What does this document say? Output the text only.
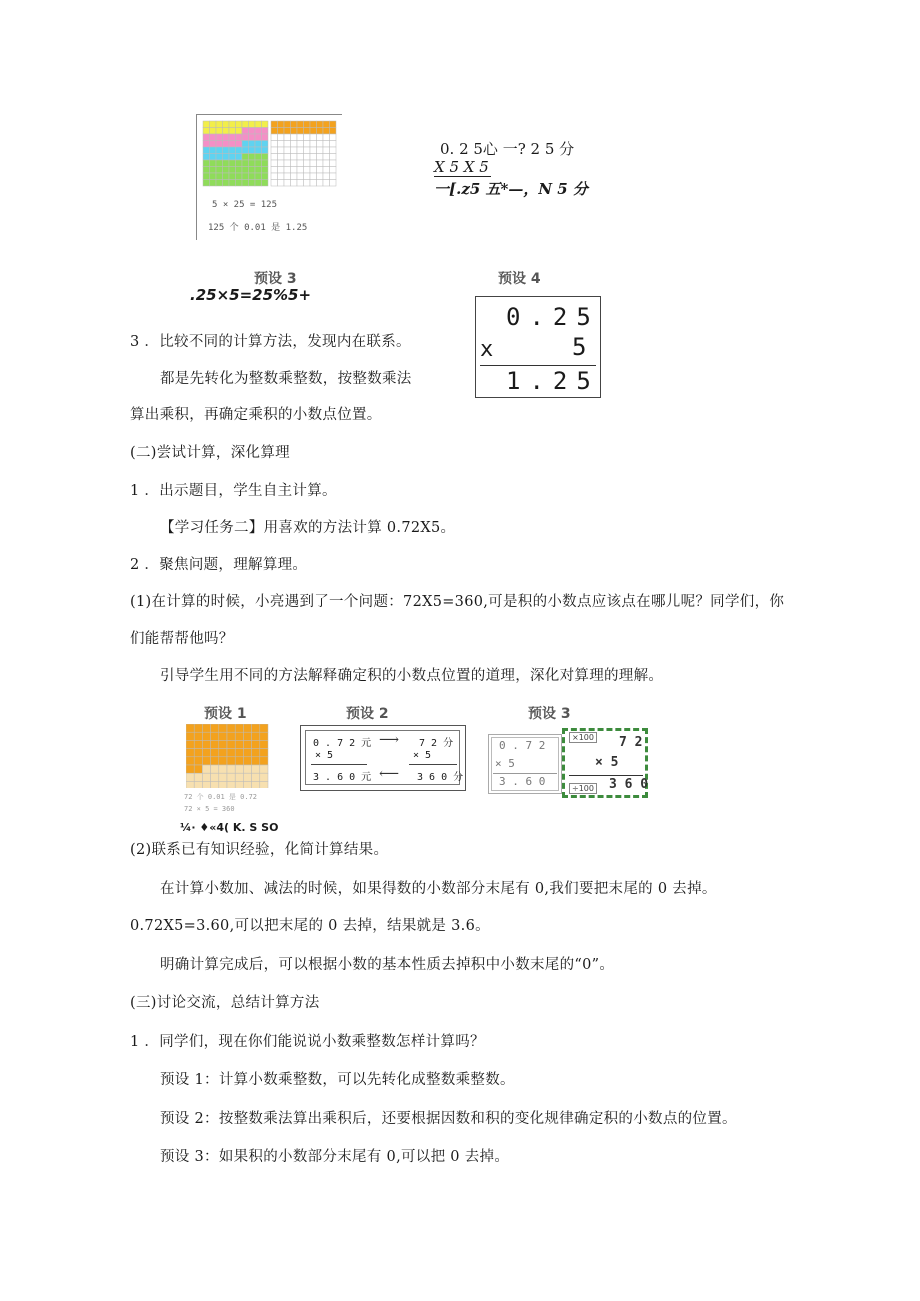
5 × 25 = 125
125 个 0.01 是 1.25
预设 3
0. 2 5心 一? 2 5 分
X 5 X 5
一[.z5 五*—，N 5 分
.25×5=25%5+
预设 4
0.25
x	5
1.25
3 ．比较不同的计算方法，发现内在联系。
都是先转化为整数乘整数，按整数乘法
算出乘积，再确定乘积的小数点位置。
(二)尝试计算，深化算理
1 ．出示题目，学生自主计算。
【学习任务二】用喜欢的方法计算 0.72X5。
2 ．聚焦问题，理解算理。
(1)在计算的时候，小亮遇到了一个问题：72X5=360,可是积的小数点应该点在哪儿呢？同学们，你
们能帮帮他吗？
引导学生用不同的方法解释确定积的小数点位置的道理，深化对算理的理解。
预设 1	预设 2	预设 3
72 个 0.01 是 0.72
72 × 5 = 360
¼· ♦«4( K. S SO
0 . 7 2 元
× 5
3 . 6 0 元
⟶
⟵
7 2 分
× 5
3 6 0 分
0 . 7 2
× 5
3 . 6 0
×100 7 2
× 5
3 6 0
÷100
(2)联系已有知识经验，化简计算结果。
在计算小数加、减法的时候，如果得数的小数部分末尾有 0,我们要把末尾的 0 去掉。
0.72X5=3.60,可以把末尾的 0 去掉，结果就是 3.6。
明确计算完成后，可以根据小数的基本性质去掉积中小数末尾的“0”。
(三)讨论交流，总结计算方法
1 ．同学们，现在你们能说说小数乘整数怎样计算吗？
预设 1：计算小数乘整数，可以先转化成整数乘整数。
预设 2：按整数乘法算出乘积后，还要根据因数和积的变化规律确定积的小数点的位置。
预设 3：如果积的小数部分末尾有 0,可以把 0 去掉。
